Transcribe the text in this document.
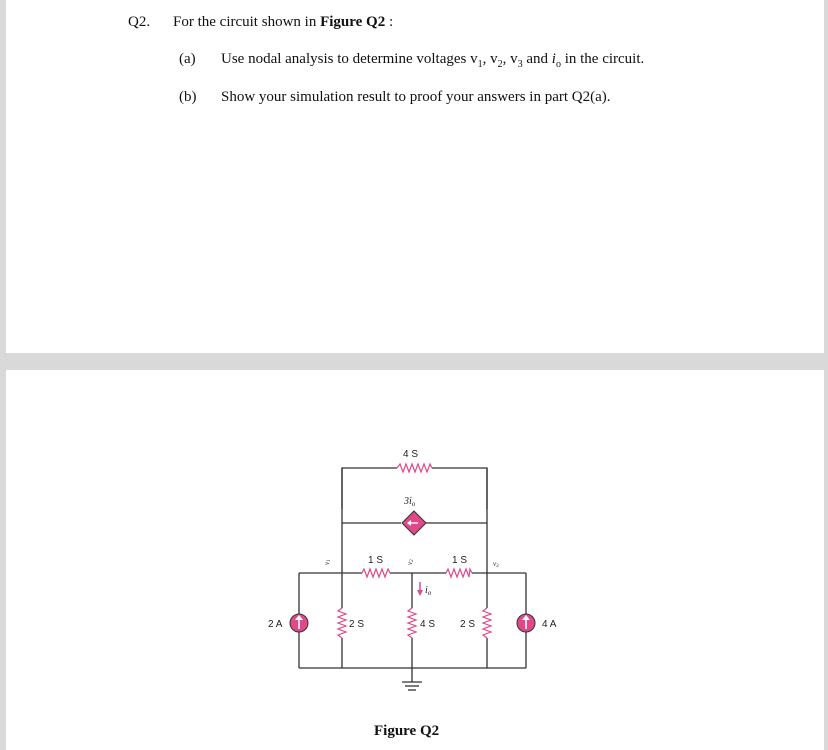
Q2. For the circuit shown in Figure Q2 :
(a) Use nodal analysis to determine voltages $v_1$, $v_2$, $v_3$ and $i_o$ in the circuit.
(b) Show your simulation result to proof your answers in part Q2(a).
4 S
$3i_o$
1 S	1 S
v1
v2	v3
$i_o$
2 A	2 S	4 S 2 S	4 A
Figure Q2
